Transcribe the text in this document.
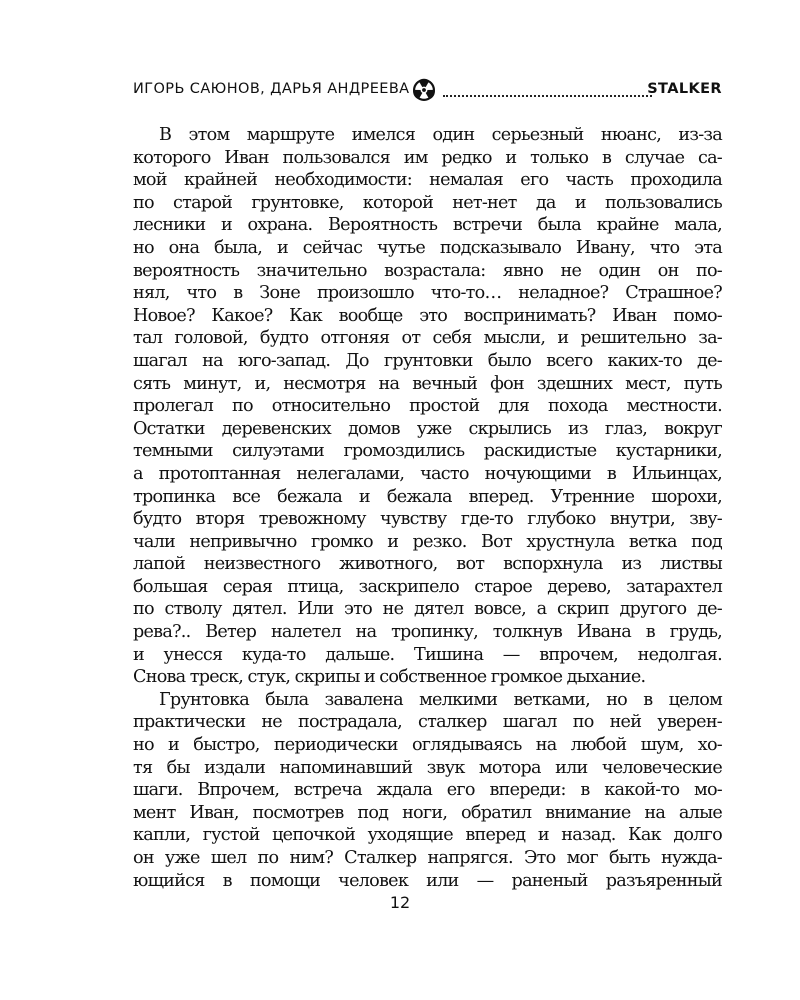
ИГОРЬ САЮНОВ, ДАРЬЯ АНДРЕЕВА	STALKER
В этом маршруте имелся один серьезный нюанс, из-за
которого Иван пользовался им редко и только в случае са-
мой крайней необходимости: немалая его часть проходила
по старой грунтовке, которой нет-нет да и пользовались
лесники и охрана. Вероятность встречи была крайне мала,
но она была, и сейчас чутье подсказывало Ивану, что эта
вероятность значительно возрастала: явно не один он по-
нял, что в Зоне произошло что-то… неладное? Страшное?
Новое? Какое? Как вообще это воспринимать? Иван помо-
тал головой, будто отгоняя от себя мысли, и решительно за-
шагал на юго-запад. До грунтовки было всего каких-то де-
сять минут, и, несмотря на вечный фон здешних мест, путь
пролегал по относительно простой для похода местности.
Остатки деревенских домов уже скрылись из глаз, вокруг
темными силуэтами громоздились раскидистые кустарники,
а протоптанная нелегалами, часто ночующими в Ильинцах,
тропинка все бежала и бежала вперед. Утренние шорохи,
будто вторя тревожному чувству где-то глубоко внутри, зву-
чали непривычно громко и резко. Вот хрустнула ветка под
лапой неизвестного животного, вот вспорхнула из листвы
большая серая птица, заскрипело старое дерево, затарахтел
по стволу дятел. Или это не дятел вовсе, а скрип другого де-
рева?.. Ветер налетел на тропинку, толкнув Ивана в грудь,
и унесся куда-то дальше. Тишина — впрочем, недолгая.
Снова треск, стук, скрипы и собственное громкое дыхание.
Грунтовка была завалена мелкими ветками, но в целом
практически не пострадала, сталкер шагал по ней уверен-
но и быстро, периодически оглядываясь на любой шум, хо-
тя бы издали напоминавший звук мотора или человеческие
шаги. Впрочем, встреча ждала его впереди: в какой-то мо-
мент Иван, посмотрев под ноги, обратил внимание на алые
капли, густой цепочкой уходящие вперед и назад. Как долго
он уже шел по ним? Сталкер напрягся. Это мог быть нужда-
ющийся в помощи человек или — раненый разъяренный
12
